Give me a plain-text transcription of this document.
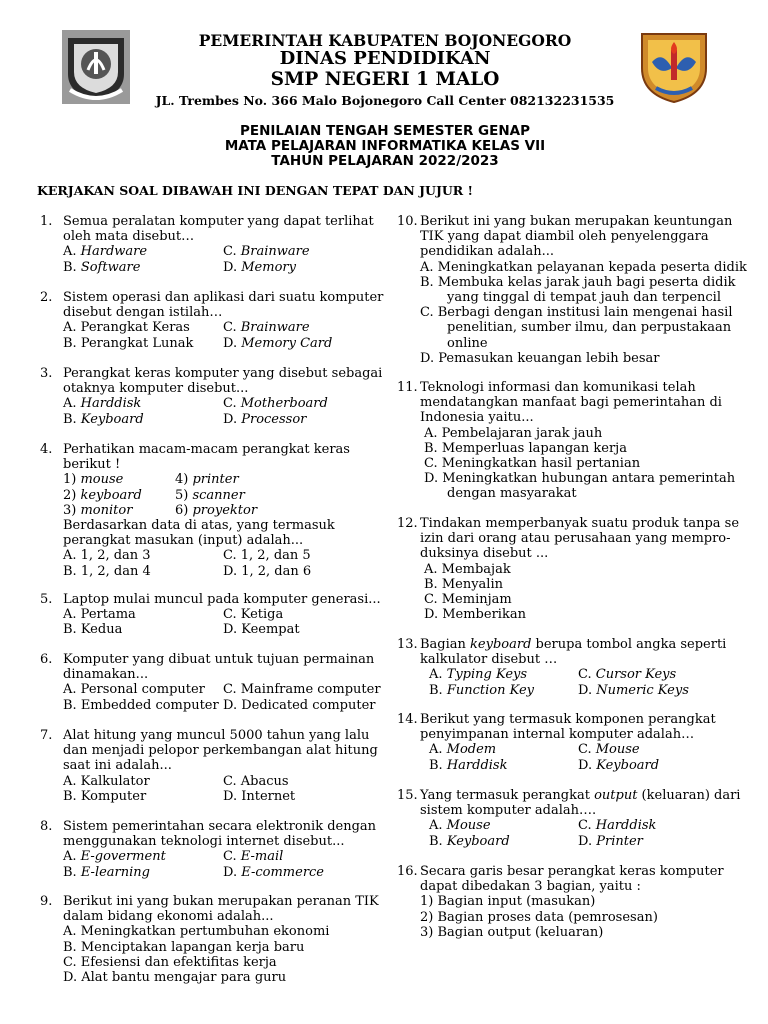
PEMERINTAH KABUPATEN BOJONEGORO
DINAS PENDIDIKAN
SMP NEGERI 1 MALO
JL. Trembes No. 366 Malo Bojonegoro Call Center 082132231535
PENILAIAN TENGAH SEMESTER GENAP
MATA PELAJARAN INFORMATIKA KELAS VII
TAHUN PELAJARAN 2022/2023
KERJAKAN SOAL DIBAWAH INI DENGAN TEPAT DAN JUJUR !
1. Semua peralatan komputer yang dapat terlihat
oleh mata disebut…
A. Hardware
B. Software
C. Brainware
D. Memory
2. Sistem operasi dan aplikasi dari suatu komputer
disebut dengan istilah…
A. Perangkat Keras
B. Perangkat Lunak
C. Brainware
D. Memory Card
3. Perangkat keras komputer yang disebut sebagai
otaknya komputer disebut...
A. Harddisk
B. Keyboard
C. Motherboard
D. Processor
4. Perhatikan macam-macam perangkat keras
berikut !
1) mouse	4) printer
2) keyboard	5) scanner
3) monitor	6) proyektor
Berdasarkan data di atas, yang termasuk
perangkat masukan (input) adalah...
A. 1, 2, dan 3
B. 1, 2, dan 4
C. 1, 2, dan 5
D. 1, 2, dan 6
5. Laptop mulai muncul pada komputer generasi...
A. Pertama
B. Kedua
C. Ketiga
D. Keempat
6. Komputer yang dibuat untuk tujuan permainan
dinamakan...
A. Personal computer
B. Embedded computer
C. Mainframe computer
D. Dedicated computer
7. Alat hitung yang muncul 5000 tahun yang lalu
dan menjadi pelopor perkembangan alat hitung
saat ini adalah...
A. Kalkulator
B. Komputer
C. Abacus
D. Internet
8. Sistem pemerintahan secara elektronik dengan
menggunakan teknologi internet disebut...
A. E-goverment
B. E-learning
C. E-mail
D. E-commerce
9. Berikut ini yang bukan merupakan peranan TIK
dalam bidang ekonomi adalah...
A. Meningkatkan pertumbuhan ekonomi
B. Menciptakan lapangan kerja baru
C. Efesiensi dan efektifitas kerja
D. Alat bantu mengajar para guru
10. Berikut ini yang bukan merupakan keuntungan
TIK yang dapat diambil oleh penyelenggara
pendidikan adalah...
A. Meningkatkan pelayanan kepada peserta didik
B. Membuka kelas jarak jauh bagi peserta didik
yang tinggal di tempat jauh dan terpencil
C. Berbagi dengan institusi lain mengenai hasil
penelitian, sumber ilmu, dan perpustakaan
online
D. Pemasukan keuangan lebih besar
11. Teknologi informasi dan komunikasi telah
mendatangkan manfaat bagi pemerintahan di
Indonesia yaitu...
A. Pembelajaran jarak jauh
B. Memperluas lapangan kerja
C. Meningkatkan hasil pertanian
D. Meningkatkan hubungan antara pemerintah
dengan masyarakat
12. Tindakan memperbanyak suatu produk tanpa se
izin dari orang atau perusahaan yang mempro-
duksinya disebut ...
A. Membajak
B. Menyalin
C. Meminjam
D. Memberikan
13. Bagian keyboard berupa tombol angka seperti
kalkulator disebut …
A. Typing Keys
B. Function Key
C. Cursor Keys
D. Numeric Keys
14. Berikut yang termasuk komponen perangkat
penyimpanan internal komputer adalah…
A. Modem
B. Harddisk
C. Mouse
D. Keyboard
15. Yang termasuk perangkat output (keluaran) dari
sistem komputer adalah….
A. Mouse
B. Keyboard
C. Harddisk
D. Printer
16. Secara garis besar perangkat keras komputer
dapat dibedakan 3 bagian, yaitu :
1) Bagian input (masukan)
2) Bagian proses data (pemrosesan)
3) Bagian output (keluaran)
